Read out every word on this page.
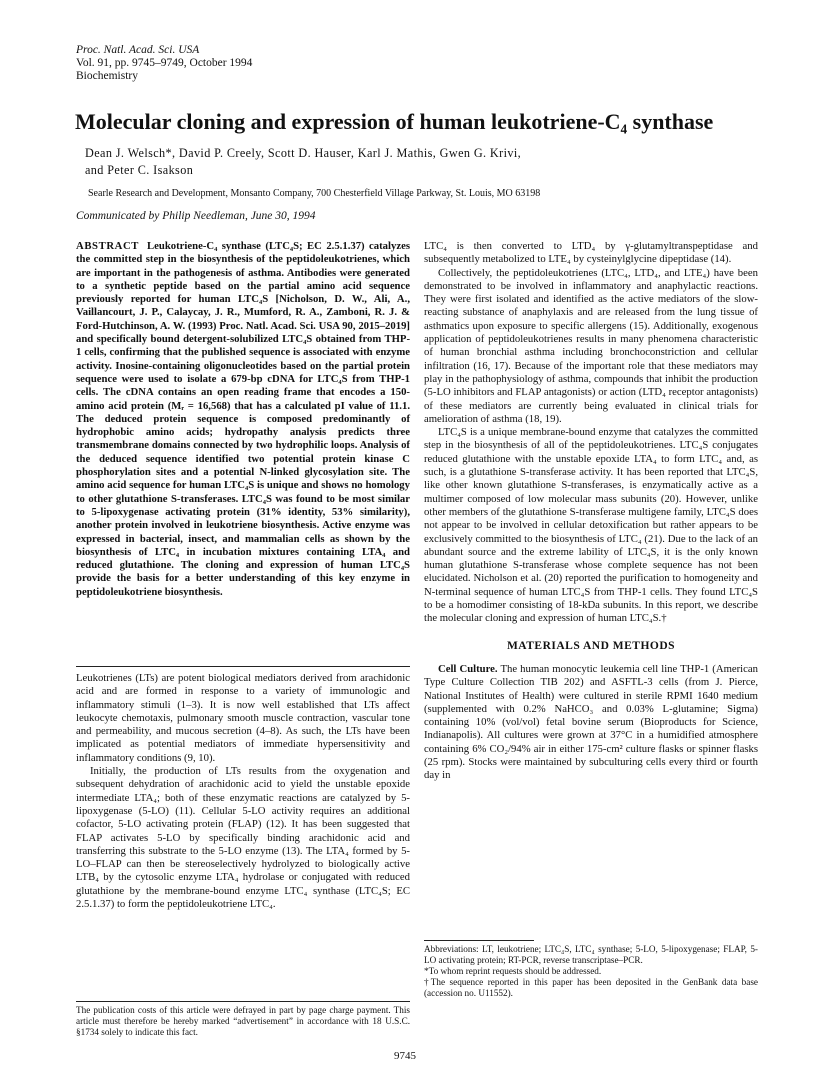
Proc. Natl. Acad. Sci. USA
Vol. 91, pp. 9745–9749, October 1994
Biochemistry
Molecular cloning and expression of human leukotriene-C₄ synthase
Dean J. Welsch*, David P. Creely, Scott D. Hauser, Karl J. Mathis, Gwen G. Krivi,
and Peter C. Isakson
Searle Research and Development, Monsanto Company, 700 Chesterfield Village Parkway, St. Louis, MO 63198
Communicated by Philip Needleman, June 30, 1994

ABSTRACT Leukotriene-C₄ synthase (LTC₄S; EC 2.5.1.37) catalyzes the committed step in the biosynthesis of the peptidoleukotrienes, which are important in the pathogenesis of asthma. Antibodies were generated to a synthetic peptide based on the partial amino acid sequence previously reported for human LTC₄S [Nicholson, D. W., Ali, A., Vaillancourt, J. P., Calaycay, J. R., Mumford, R. A., Zamboni, R. J. & Ford-Hutchinson, A. W. (1993) Proc. Natl. Acad. Sci. USA 90, 2015–2019] and specifically bound detergent-solubilized LTC₄S obtained from THP-1 cells, confirming that the published sequence is associated with enzyme activity. Inosine-containing oligonucleotides based on the partial protein sequence were used to isolate a 679-bp cDNA for LTC₄S from THP-1 cells. The cDNA contains an open reading frame that encodes a 150-amino acid protein (Mᵣ = 16,568) that has a calculated pI value of 11.1. The deduced protein sequence is composed predominantly of hydrophobic amino acids; hydropathy analysis predicts three transmembrane domains connected by two hydrophilic loops. Analysis of the deduced sequence identified two potential protein kinase C phosphorylation sites and a potential N-linked glycosylation site. The amino acid sequence for human LTC₄S is unique and shows no homology to other glutathione S-transferases. LTC₄S was found to be most similar to 5-lipoxygenase activating protein (31% identity, 53% similarity), another protein involved in leukotriene biosynthesis. Active enzyme was expressed in bacterial, insect, and mammalian cells as shown by the biosynthesis of LTC₄ in incubation mixtures containing LTA₄ and reduced glutathione. The cloning and expression of human LTC₄S provide the basis for a better understanding of this key enzyme in peptidoleukotriene biosynthesis.

Leukotrienes (LTs) are potent biological mediators derived from arachidonic acid and are formed in response to a variety of immunologic and inflammatory stimuli (1–3). It is now well established that LTs affect leukocyte chemotaxis, pulmonary smooth muscle contraction, vascular tone and permeability, and mucous secretion (4–8). As such, the LTs have been implicated as potential mediators of immediate hypersensitivity and inflammatory conditions (9, 10).

Initially, the production of LTs results from the oxygenation and subsequent dehydration of arachidonic acid to yield the unstable epoxide intermediate LTA₄; both of these enzymatic reactions are catalyzed by 5-lipoxygenase (5-LO) (11). Cellular 5-LO activity requires an additional cofactor, 5-LO activating protein (FLAP) (12). It has been suggested that FLAP activates 5-LO by specifically binding arachidonic acid and transferring this substrate to the 5-LO enzyme (13). The LTA₄ formed by 5-LO–FLAP can then be stereoselectively hydrolyzed to biologically active LTB₄ by the cytosolic enzyme LTA₄ hydrolase or conjugated with reduced glutathione by the membrane-bound enzyme LTC₄ synthase (LTC₄S; EC 2.5.1.37) to form the peptidoleukotriene LTC₄.

The publication costs of this article were defrayed in part by page charge payment. This article must therefore be hereby marked “advertisement” in accordance with 18 U.S.C. §1734 solely to indicate this fact.

LTC₄ is then converted to LTD₄ by γ-glutamyltranspeptidase and subsequently metabolized to LTE₄ by cysteinylglycine dipeptidase (14).

Collectively, the peptidoleukotrienes (LTC₄, LTD₄, and LTE₄) have been demonstrated to be involved in inflammatory and anaphylactic reactions. They were first isolated and identified as the active mediators of the slow-reacting substance of anaphylaxis and are released from the lung tissue of asthmatics upon exposure to specific allergens (15). Additionally, exogenous application of peptidoleukotrienes results in many phenomena characteristic of human bronchial asthma including bronchoconstriction and cellular infiltration (16, 17). Because of the important role that these mediators may play in the pathophysiology of asthma, compounds that inhibit the production (5-LO inhibitors and FLAP antagonists) or action (LTD₄ receptor antagonists) of these mediators are currently being evaluated in clinical trials for amelioration of asthma (18, 19).

LTC₄S is a unique membrane-bound enzyme that catalyzes the committed step in the biosynthesis of all of the peptidoleukotrienes. LTC₄S conjugates reduced glutathione with the unstable epoxide LTA₄ to form LTC₄ and, as such, is a glutathione S-transferase activity. It has been reported that LTC₄S, like other known glutathione S-transferases, is enzymatically active as a multimer composed of low molecular mass subunits (20). However, unlike other members of the glutathione S-transferase multigene family, LTC₄S does not appear to be involved in cellular detoxification but rather appears to be exclusively committed to the biosynthesis of LTC₄ (21). Due to the lack of an abundant source and the extreme lability of LTC₄S, it is the only known human glutathione S-transferase whose complete sequence has not been elucidated. Nicholson et al. (20) reported the purification to homogeneity and N-terminal sequence of human LTC₄S from THP-1 cells. They found LTC₄S to be a homodimer consisting of 18-kDa subunits. In this report, we describe the molecular cloning and expression of human LTC₄S.†

MATERIALS AND METHODS

Cell Culture. The human monocytic leukemia cell line THP-1 (American Type Culture Collection TIB 202) and ASFTL-3 cells (from J. Pierce, National Institutes of Health) were cultured in sterile RPMI 1640 medium (supplemented with 0.2% NaHCO₃ and 0.03% L-glutamine; Sigma) containing 10% (vol/vol) fetal bovine serum (Bioproducts for Science, Indianapolis). All cultures were grown at 37°C in a humidified atmosphere containing 6% CO₂/94% air in either 175-cm² culture flasks or spinner flasks (25 rpm). Stocks were maintained by subculturing cells every third or fourth day in

Abbreviations: LT, leukotriene; LTC₄S, LTC₄ synthase; 5-LO, 5-lipoxygenase; FLAP, 5-LO activating protein; RT-PCR, reverse transcriptase–PCR.

*To whom reprint requests should be addressed.

†The sequence reported in this paper has been deposited in the GenBank data base (accession no. U11552).

9745
